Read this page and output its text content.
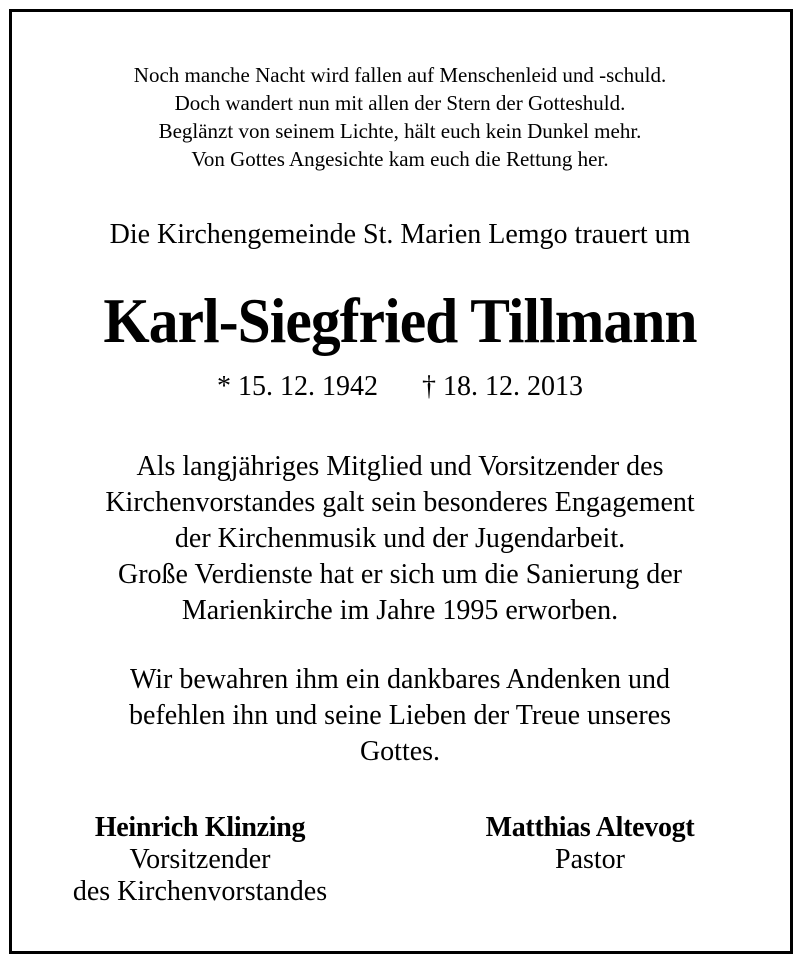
Noch manche Nacht wird fallen auf Menschenleid und -schuld.
Doch wandert nun mit allen der Stern der Gotteshuld.
Beglänzt von seinem Lichte, hält euch kein Dunkel mehr.
Von Gottes Angesichte kam euch die Rettung her.
Die Kirchengemeinde St. Marien Lemgo trauert um
Karl-Siegfried Tillmann
* 15. 12. 1942 † 18. 12. 2013
Als langjähriges Mitglied und Vorsitzender des
Kirchenvorstandes galt sein besonderes Engagement
der Kirchenmusik und der Jugendarbeit.
Große Verdienste hat er sich um die Sanierung der
Marienkirche im Jahre 1995 erworben.
Wir bewahren ihm ein dankbares Andenken und
befehlen ihn und seine Lieben der Treue unseres
Gottes.
Heinrich Klinzing
Vorsitzender
des Kirchenvorstandes
Matthias Altevogt
Pastor
